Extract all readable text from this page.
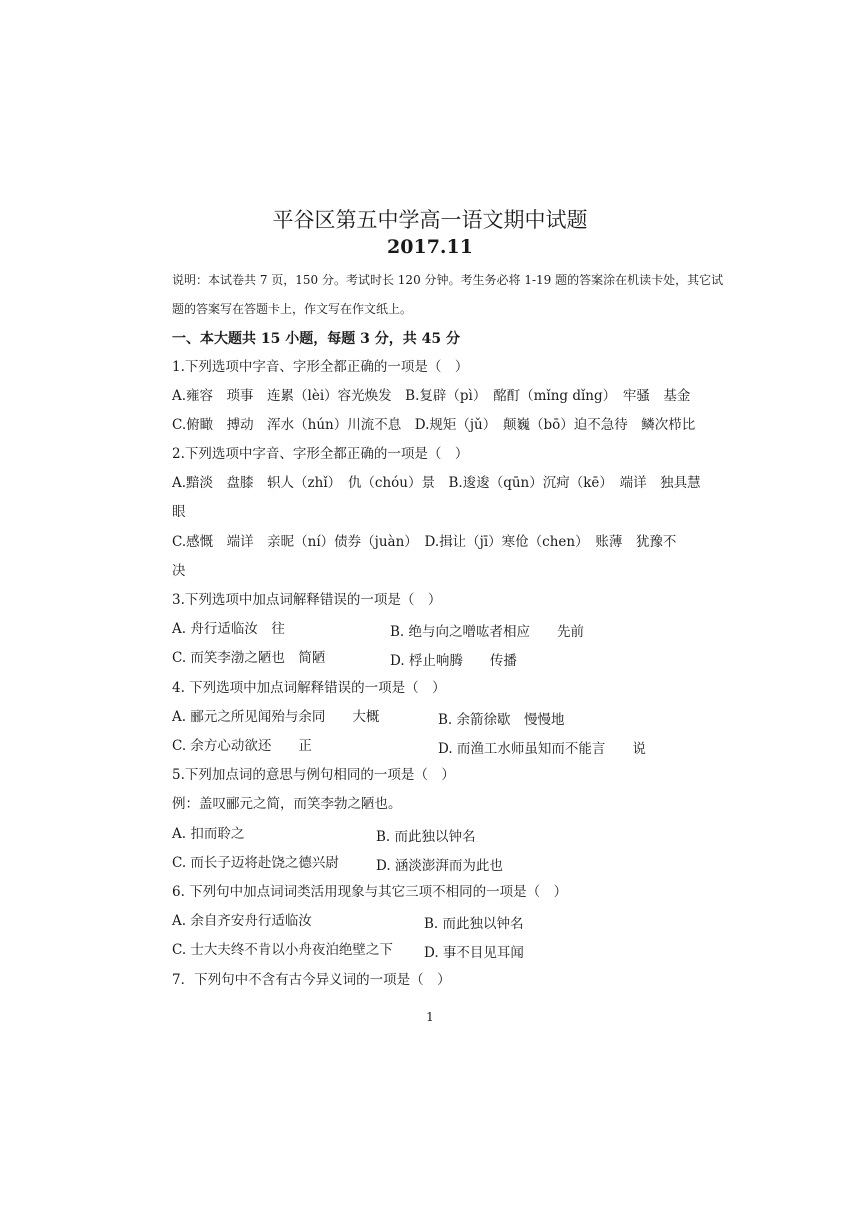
平谷区第五中学高一语文期中试题
2017.11
说明：本试卷共 7 页，150 分。考试时长 120 分钟。考生务必将 1-19 题的答案涂在机读卡处，其它试
题的答案写在答题卡上，作文写在作文纸上。
一、本大题共 15 小题，每题 3 分，共 45 分
1.下列选项中字音、字形全都正确的一项是（　）
A.雍容　琐事　连累（lèi）容光焕发　B.复辟（pì）　酩酊（mǐng dǐng）　牢骚　基金
C.俯瞰　搏动　浑水（hún）川流不息　D.规矩（jǔ）　颠巍（bō）迫不急待　鳞次栉比
2.下列选项中字音、字形全都正确的一项是（　）
A.黯淡　盘膝　轵人（zhǐ）　仇（chóu）景　B.逡逡（qūn）沉疴（kē）　端详　独具慧
眼
C.感慨　端详　亲昵（ní）债券（juàn）　D.揖让（jī）寒伧（chen）　账薄　犹豫不
决
3.下列选项中加点词解释错误的一项是（　）
A. 舟行适临汝　往	B. 绝与向之噌吰者相应　　先前
C. 而笑李渤之陋也　简陋	D. 桴止响腾　　传播
4. 下列选项中加点词解释错误的一项是（　）
A. 郦元之所见闻殆与余同　　大概	B. 余箭徐歇　慢慢地
C. 余方心动欲还　　正	D. 而渔工水师虽知而不能言　　说
5.下列加点词的意思与例句相同的一项是（　）
例：盖叹郦元之简，而笑李勃之陋也。
A. 扣而聆之	B. 而此独以钟名
C. 而长子迈将赴饶之德兴尉	D. 涵淡澎湃而为此也
6. 下列句中加点词词类活用现象与其它三项不相同的一项是（　）
A. 余自齐安舟行适临汝	B. 而此独以钟名
C. 士大夫终不肯以小舟夜泊绝壁之下 D. 事不目见耳闻
7．下列句中不含有古今异义词的一项是（　）
1
